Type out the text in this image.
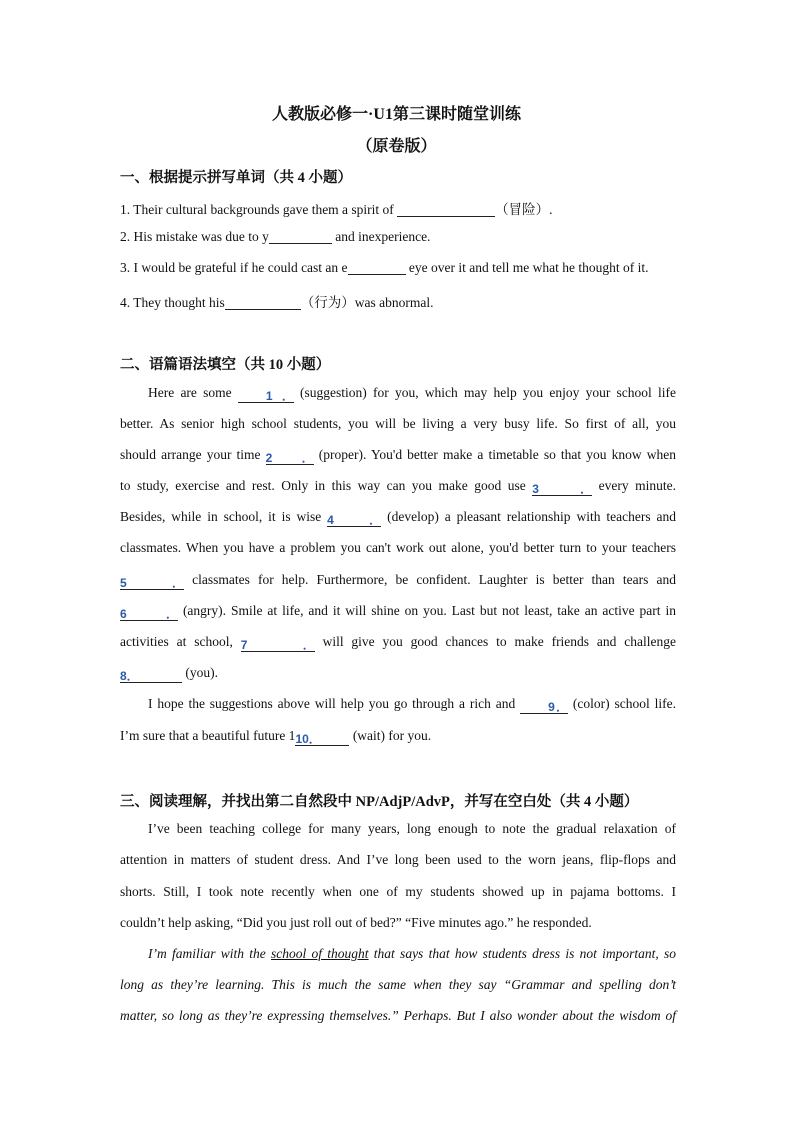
人教版必修一·U1第三课时随堂训练
（原卷版）
一、根据提示拼写单词（共 4 小题）
1. Their cultural backgrounds gave them a spirit of	（冒险）.
2. His mistake was due to y	and inexperience.
3. I would be grateful if he could cast an e	eye over it and tell me what he thought of it.
4. They thought his	（行为）was abnormal.
二、语篇语法填空（共 10 小题）
Here are some 1． (suggestion) for you, which may help you enjoy your school life
better. As senior high school students, you will be living a very busy life. So first of all, you
should arrange your time 2． (proper). You'd better make a timetable so that you know when
to study, exercise and rest. Only in this way can you make good use 3． every minute.
Besides, while in school, it is wise 4． (develop) a pleasant relationship with teachers and
classmates. When you have a problem you can't work out alone, you'd better turn to your teachers
5． classmates for help. Furthermore, be confident. Laughter is better than tears and
6． (angry). Smile at life, and it will shine on you. Last but not least, take an active part in
activities at school, 7． will give you good chances to make friends and challenge
8．	(you).
I hope the suggestions above will help you go through a rich and 9． (color) school life.
I’m sure that a beautiful future 110． (wait) for you.
三、阅读理解，并找出第二自然段中 NP/AdjP/AdvP，并写在空白处（共 4 小题）
I’ve been teaching college for many years, long enough to note the gradual relaxation of
attention in matters of student dress. And I’ve long been used to the worn jeans, flip-flops and
shorts. Still, I took note recently when one of my students showed up in pajama bottoms. I
couldn’t help asking, “Did you just roll out of bed?” “Five minutes ago.” he responded.
I’m familiar with the school of thought that says that how students dress is not important, so
long as they’re learning. This is much the same when they say “Grammar and spelling don’t
matter, so long as they’re expressing themselves.” Perhaps. But I also wonder about the wisdom of
